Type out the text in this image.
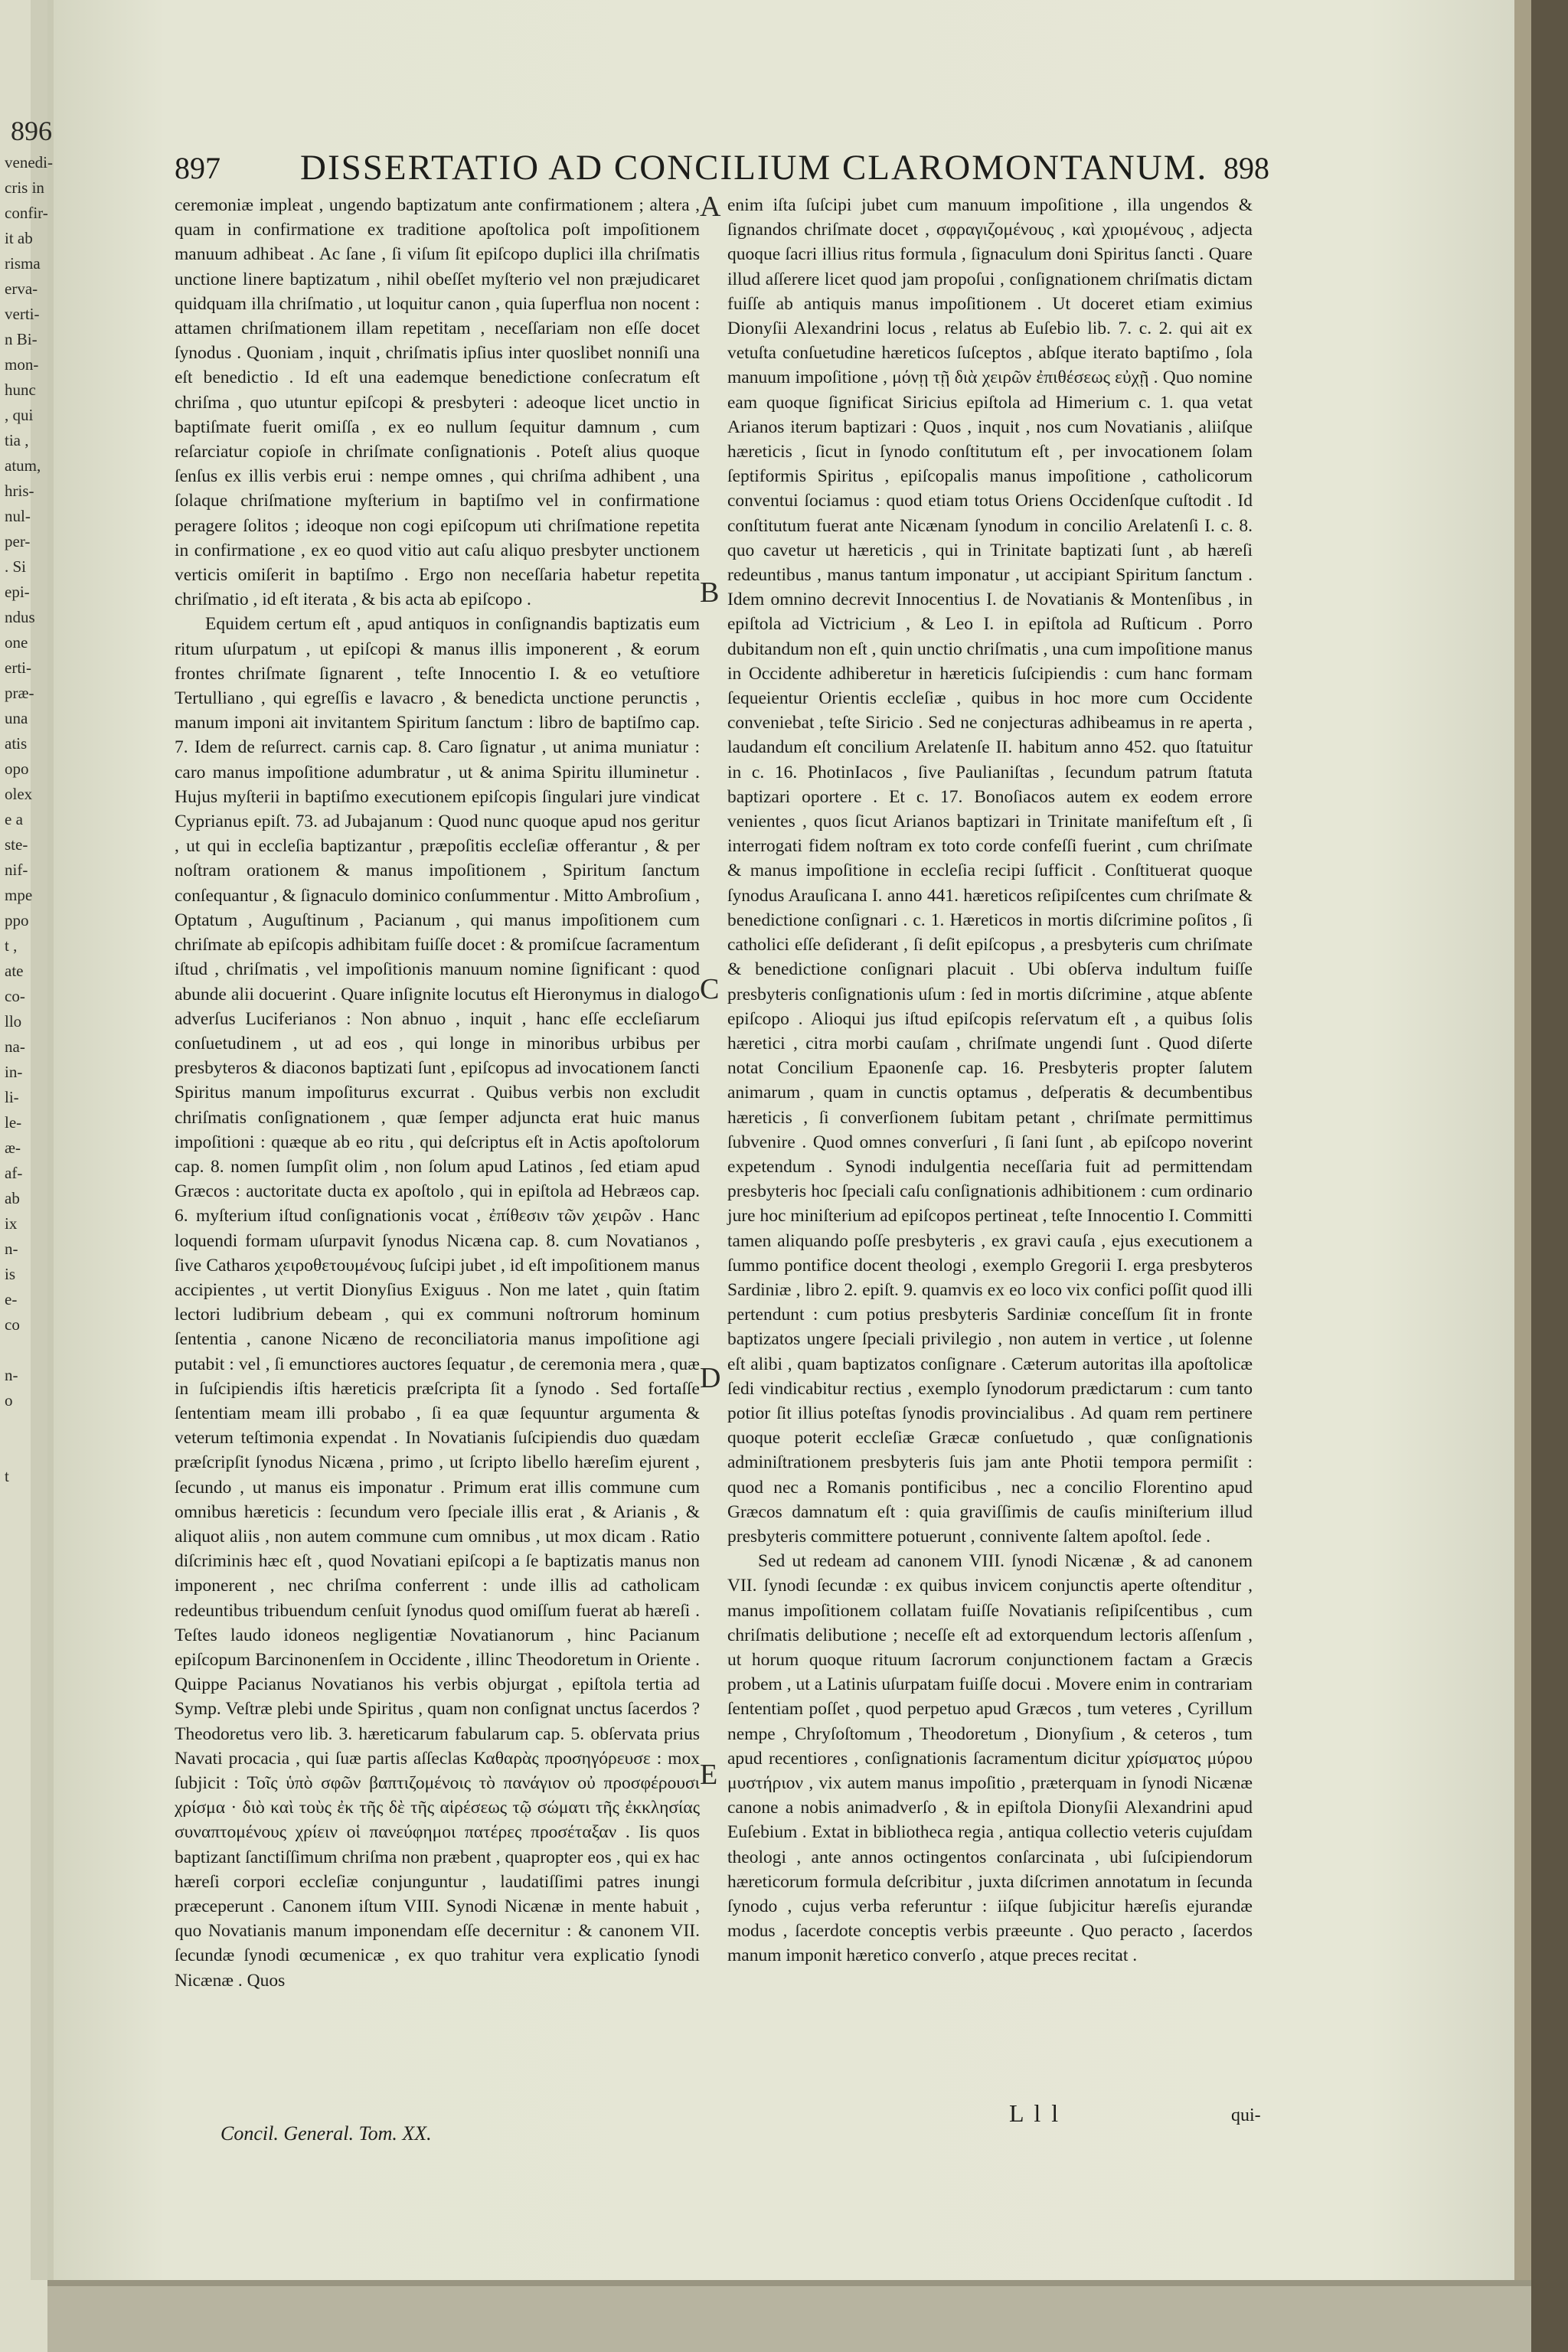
896
venedi-
cris in
confir-
it ab
risma
erva-
verti-
n Bi-
mon-
hunc
, qui
tia ,
atum,
hris-
nul-
per-
. Si
epi-
ndus
one
erti-
præ-
una
atis
opo
olex
e a
ste-
nif-
mpe
ppo
t ,
ate
co-
llo
na-
in-
li-
le-
æ-
af-
ab
ix
n-
is
e-
co

n-
o

t
897 DISSERTATIO AD CONCILIUM CLAROMONTANUM. 898

ceremoniæ impleat , ungendo baptizatum ante confirmationem ; altera , quam in confirmatione ex traditione apoſtolica poſt impoſitionem manuum adhibeat . Ac ſane , ſi viſum ſit epiſcopo duplici illa chriſmatis unctione linere baptizatum , nihil obeſſet myſterio vel non præjudicaret quidquam illa chriſmatio , ut loquitur canon , quia ſuperflua non nocent : attamen chriſmationem illam repetitam , neceſſariam non eſſe docet ſynodus . Quoniam , inquit , chriſmatis ipſius inter quoslibet nonniſi una eſt benedictio . Id eſt una eademque benedictione conſecratum eſt chriſma , quo utuntur epiſcopi & presbyteri : adeoque licet unctio in baptiſmate fuerit omiſſa , ex eo nullum ſequitur damnum , cum reſarciatur copioſe in chriſmate conſignationis . Poteſt alius quoque ſenſus ex illis verbis erui : nempe omnes , qui chriſma adhibent , una ſolaque chriſmatione myſterium in baptiſmo vel in confirmatione peragere ſolitos ; ideoque non cogi epiſcopum uti chriſmatione repetita in confirmatione , ex eo quod vitio aut caſu aliquo presbyter unctionem verticis omiſerit in baptiſmo . Ergo non neceſſaria habetur repetita chriſmatio , id eſt iterata , & bis acta ab epiſcopo .

Equidem certum eſt , apud antiquos in conſignandis baptizatis eum ritum uſurpatum , ut epiſcopi & manus illis imponerent , & eorum frontes chriſmate ſignarent , teſte Innocentio I. & eo vetuſtiore Tertulliano , qui egreſſis e lavacro , & benedicta unctione perunctis , manum imponi ait invitantem Spiritum ſanctum : libro de baptiſmo cap. 7. Idem de reſurrect. carnis cap. 8. Caro ſignatur , ut anima muniatur : caro manus impoſitione adumbratur , ut & anima Spiritu illuminetur . Hujus myſterii in baptiſmo executionem epiſcopis ſingulari jure vindicat Cyprianus epiſt. 73. ad Jubajanum : Quod nunc quoque apud nos geritur , ut qui in eccleſia baptizantur , præpoſitis eccleſiæ offerantur , & per noſtram orationem & manus impoſitionem , Spiritum ſanctum conſequantur , & ſignaculo dominico conſummentur . Mitto Ambroſium , Optatum , Auguſtinum , Pacianum , qui manus impoſitionem cum chriſmate ab epiſcopis adhibitam fuiſſe docet : & promiſcue ſacramentum iſtud , chriſmatis , vel impoſitionis manuum nomine ſignificant : quod abunde alii docuerint . Quare inſignite locutus eſt Hieronymus in dialogo adverſus Luciferianos : Non abnuo , inquit , hanc eſſe eccleſiarum conſuetudinem , ut ad eos , qui longe in minoribus urbibus per presbyteros & diaconos baptizati ſunt , epiſcopus ad invocationem ſancti Spiritus manum impoſiturus excurrat . Quibus verbis non excludit chriſmatis conſignationem , quæ ſemper adjuncta erat huic manus impoſitioni : quæque ab eo ritu , qui deſcriptus eſt in Actis apoſtolorum cap. 8. nomen ſumpſit olim , non ſolum apud Latinos , ſed etiam apud Græcos : auctoritate ducta ex apoſtolo , qui in epiſtola ad Hebræos cap. 6. myſterium iſtud conſignationis vocat , ἐπίθεσιν τῶν χειρῶν . Hanc loquendi formam uſurpavit ſynodus Nicæna cap. 8. cum Novatianos , ſive Catharos χειροθετουμένους ſuſcipi jubet , id eſt impoſitionem manus accipientes , ut vertit Dionyſius Exiguus . Non me latet , quin ſtatim lectori ludibrium debeam , qui ex communi noſtrorum hominum ſententia , canone Nicæno de reconciliatoria manus impoſitione agi putabit : vel , ſi emunctiores auctores ſequatur , de ceremonia mera , quæ in ſuſcipiendis iſtis hæreticis præſcripta ſit a ſynodo . Sed fortaſſe ſententiam meam illi probabo , ſi ea quæ ſequuntur argumenta & veterum teſtimonia expendat . In Novatianis ſuſcipiendis duo quædam præſcripſit ſynodus Nicæna , primo , ut ſcripto libello hæreſim ejurent , ſecundo , ut manus eis imponatur . Primum erat illis commune cum omnibus hæreticis : ſecundum vero ſpeciale illis erat , & Arianis , & aliquot aliis , non autem commune cum omnibus , ut mox dicam . Ratio diſcriminis hæc eſt , quod Novatiani epiſcopi a ſe baptizatis manus non imponerent , nec chriſma conferrent : unde illis ad catholicam redeuntibus tribuendum cenſuit ſynodus quod omiſſum fuerat ab hæreſi . Teſtes laudo idoneos negligentiæ Novatianorum , hinc Pacianum epiſcopum Barcinonenſem in Occidente , illinc Theodoretum in Oriente . Quippe Pacianus Novatianos his verbis objurgat , epiſtola tertia ad Symp. Veſtræ plebi unde Spiritus , quam non conſignat unctus ſacerdos ? Theodoretus vero lib. 3. hæreticarum fabularum cap. 5. obſervata prius Navati procacia , qui ſuæ partis aſſeclas Καθαρὰς προσηγόρευσε : mox ſubjicit : Τοῖς ὑπὸ σφῶν βαπτιζομένοις τὸ πανάγιον οὐ προσφέρουσι χρίσμα · διὸ καὶ τοὺς ἐκ τῆς δὲ τῆς αἱρέσεως τῷ σώματι τῆς ἐκκλησίας συναπτομένους χρίειν οἱ πανεύφημοι πατέρες προσέταξαν . Iis quos baptizant ſanctiſſimum chriſma non præbent , quapropter eos , qui ex hac hæreſi corpori eccleſiæ conjunguntur , laudatiſſimi patres inungi præceperunt . Canonem iſtum VIII. Synodi Nicænæ in mente habuit , quo Novatianis manum imponendam eſſe decernitur : & canonem VII. ſecundæ ſynodi œcumenicæ , ex quo trahitur vera explicatio ſynodi Nicænæ . Quos

A
B
C
D
E

enim iſta ſuſcipi jubet cum manuum impoſitione , illa ungendos & ſignandos chriſmate docet , σφραγιζομένους , καὶ χριομένους , adjecta quoque ſacri illius ritus formula , ſignaculum doni Spiritus ſancti . Quare illud aſſerere licet quod jam propoſui , conſignationem chriſmatis dictam fuiſſe ab antiquis manus impoſitionem . Ut doceret etiam eximius Dionyſii Alexandrini locus , relatus ab Euſebio lib. 7. c. 2. qui ait ex vetuſta conſuetudine hæreticos ſuſceptos , abſque iterato baptiſmo , ſola manuum impoſitione , μόνῃ τῇ διὰ χειρῶν ἐπιθέσεως εὐχῇ . Quo nomine eam quoque ſignificat Siricius epiſtola ad Himerium c. 1. qua vetat Arianos iterum baptizari : Quos , inquit , nos cum Novatianis , aliiſque hæreticis , ſicut in ſynodo conſtitutum eſt , per invocationem ſolam ſeptiformis Spiritus , epiſcopalis manus impoſitione , catholicorum conventui ſociamus : quod etiam totus Oriens Occidenſque cuſtodit . Id conſtitutum fuerat ante Nicænam ſynodum in concilio Arelatenſi I. c. 8. quo cavetur ut hæreticis , qui in Trinitate baptizati ſunt , ab hæreſi redeuntibus , manus tantum imponatur , ut accipiant Spiritum ſanctum . Idem omnino decrevit Innocentius I. de Novatianis & Montenſibus , in epiſtola ad Victricium , & Leo I. in epiſtola ad Ruſticum . Porro dubitandum non eſt , quin unctio chriſmatis , una cum impoſitione manus in Occidente adhiberetur in hæreticis ſuſcipiendis : cum hanc formam ſequeientur Orientis eccleſiæ , quibus in hoc more cum Occidente conveniebat , teſte Siricio . Sed ne conjecturas adhibeamus in re aperta , laudandum eſt concilium Arelatenſe II. habitum anno 452. quo ſtatuitur in c. 16. PhotinIacos , ſive Paulianiſtas , ſecundum patrum ſtatuta baptizari oportere . Et c. 17. Bonoſiacos autem ex eodem errore venientes , quos ſicut Arianos baptizari in Trinitate manifeſtum eſt , ſi interrogati fidem noſtram ex toto corde confeſſi fuerint , cum chriſmate & manus impoſitione in eccleſia recipi ſufficit . Conſtituerat quoque ſynodus Arauſicana I. anno 441. hæreticos reſipiſcentes cum chriſmate & benedictione conſignari . c. 1. Hæreticos in mortis diſcrimine poſitos , ſi catholici eſſe deſiderant , ſi deſit epiſcopus , a presbyteris cum chriſmate & benedictione conſignari placuit . Ubi obſerva indultum fuiſſe presbyteris conſignationis uſum : ſed in mortis diſcrimine , atque abſente epiſcopo . Alioqui jus iſtud epiſcopis reſervatum eſt , a quibus ſolis hæretici , citra morbi cauſam , chriſmate ungendi ſunt . Quod diſerte notat Concilium Epaonenſe cap. 16. Presbyteris propter ſalutem animarum , quam in cunctis optamus , deſperatis & decumbentibus hæreticis , ſi converſionem ſubitam petant , chriſmate permittimus ſubvenire . Quod omnes converſuri , ſi ſani ſunt , ab epiſcopo noverint expetendum . Synodi indulgentia neceſſaria fuit ad permittendam presbyteris hoc ſpeciali caſu conſignationis adhibitionem : cum ordinario jure hoc miniſterium ad epiſcopos pertineat , teſte Innocentio I. Committi tamen aliquando poſſe presbyteris , ex gravi cauſa , ejus executionem a ſummo pontifice docent theologi , exemplo Gregorii I. erga presbyteros Sardiniæ , libro 2. epiſt. 9. quamvis ex eo loco vix confici poſſit quod illi pertendunt : cum potius presbyteris Sardiniæ conceſſum ſit in fronte baptizatos ungere ſpeciali privilegio , non autem in vertice , ut ſolenne eſt alibi , quam baptizatos conſignare . Cæterum autoritas illa apoſtolicæ ſedi vindicabitur rectius , exemplo ſynodorum prædictarum : cum tanto potior ſit illius poteſtas ſynodis provincialibus . Ad quam rem pertinere quoque poterit eccleſiæ Græcæ conſuetudo , quæ conſignationis adminiſtrationem presbyteris ſuis jam ante Photii tempora permiſit : quod nec a Romanis pontificibus , nec a concilio Florentino apud Græcos damnatum eſt : quia graviſſimis de cauſis miniſterium illud presbyteris committere potuerunt , conniventе ſaltem apoſtol. ſede .

Sed ut redeam ad canonem VIII. ſynodi Nicænæ , & ad canonem VII. ſynodi ſecundæ : ex quibus invicem conjunctis aperte oſtenditur , manus impoſitionem collatam fuiſſe Novatianis reſipiſcentibus , cum chriſmatis delibutione ; neceſſe eſt ad extorquendum lectoris aſſenſum , ut horum quoque rituum ſacrorum conjunctionem factam a Græcis probem , ut a Latinis uſurpatam fuiſſe docui . Movere enim in contrariam ſententiam poſſet , quod perpetuo apud Græcos , tum veteres , Cyrillum nempe , Chryſoſtomum , Theodoretum , Dionyſium , & ceteros , tum apud recentiores , conſignationis ſacramentum dicitur χρίσματος μύρου μυστήριον , vix autem manus impoſitio , præterquam in ſynodi Nicænæ canone a nobis animadverſo , & in epiſtola Dionyſii Alexandrini apud Euſebium . Extat in bibliotheca regia , antiqua collectio veteris cujuſdam theologi , ante annos octingentos conſarcinata , ubi ſuſcipiendorum hæreticorum formula deſcribitur , juxta diſcrimen annotatum in ſecunda ſynodo , cujus verba referuntur : iiſque ſubjicitur hæreſis ejurandæ modus , ſacerdote conceptis verbis præeunte . Quo peracto , ſacerdos manum imponit hæretico converſo , atque preces recitat .

Concil. General. Tom. XX.
L l l	qui-
